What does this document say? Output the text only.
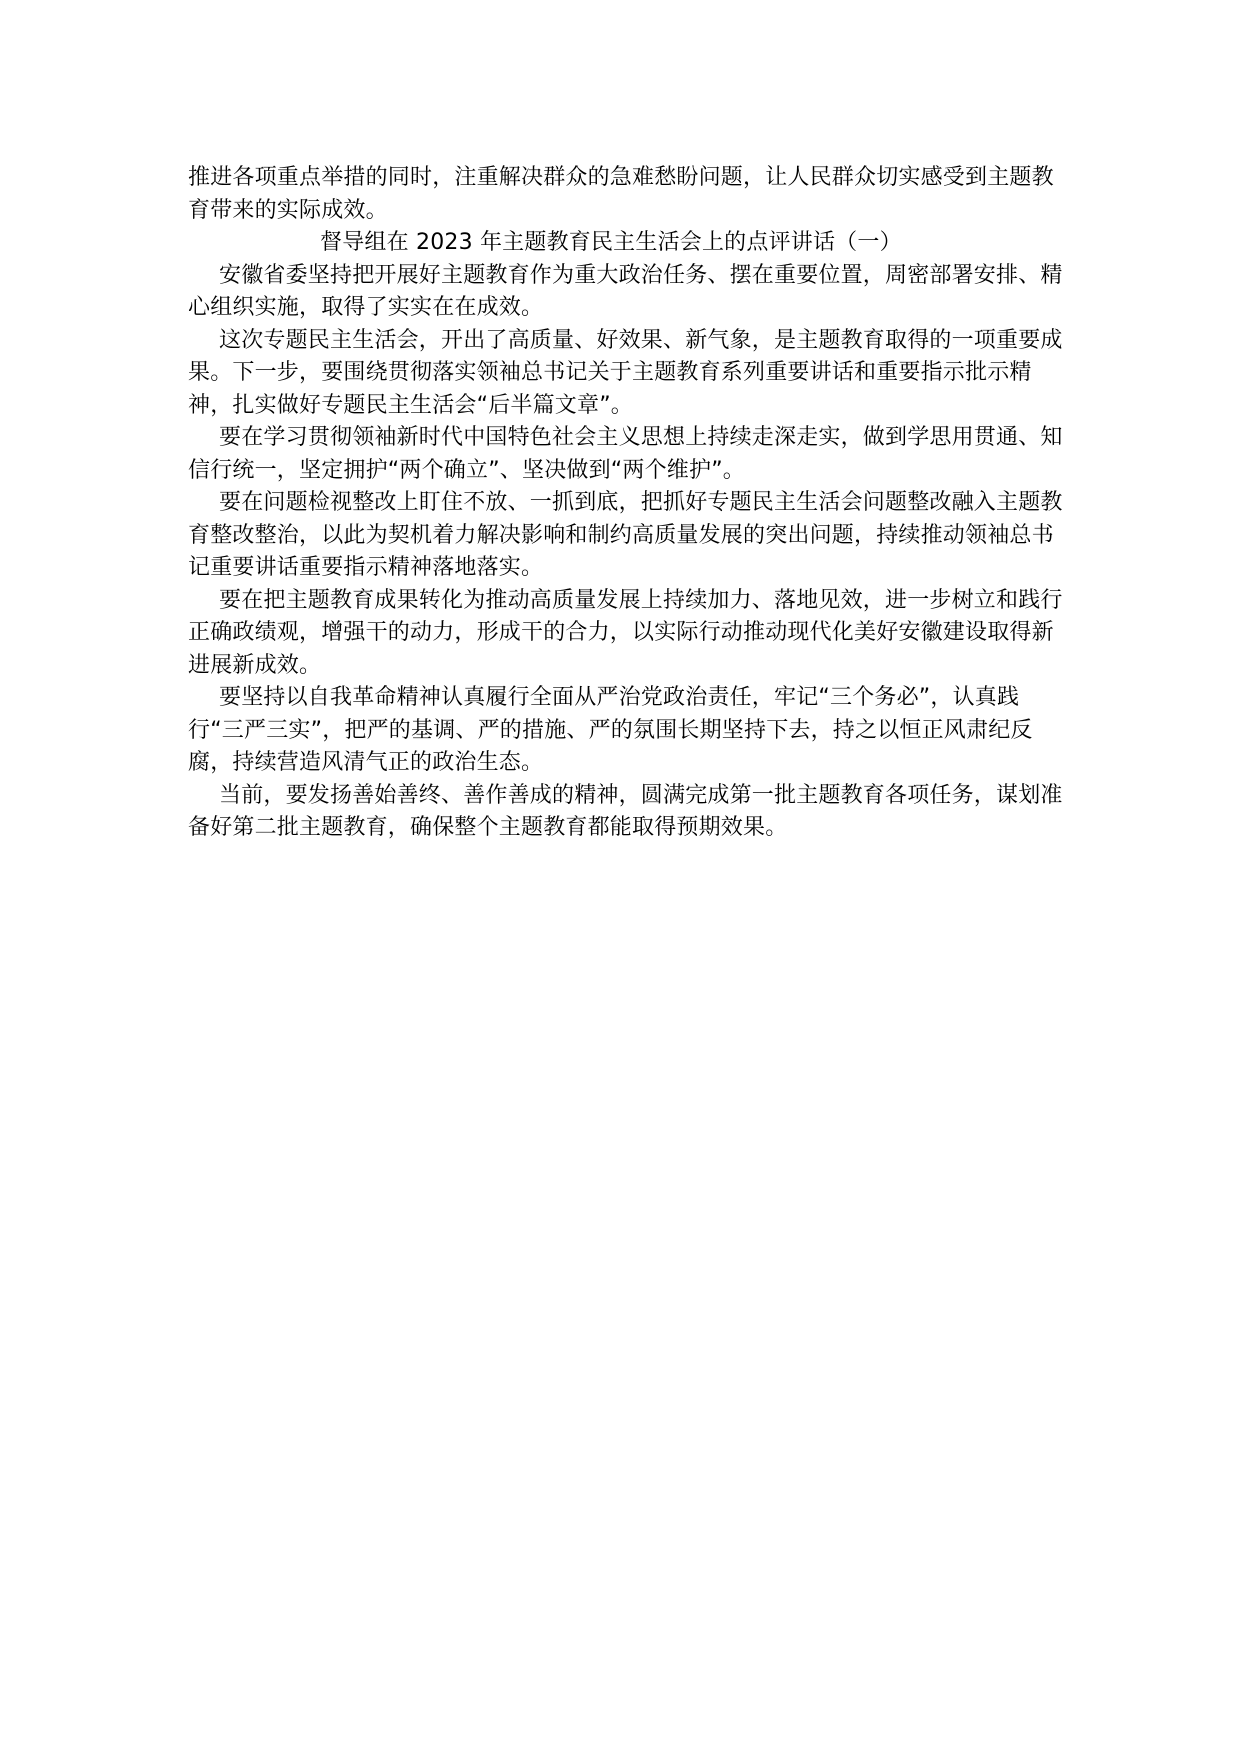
推进各项重点举措的同时，注重解决群众的急难愁盼问题，让人民群众切实感受到主题教育带来的实际成效。

督导组在 2023 年主题教育民主生活会上的点评讲话（一）

安徽省委坚持把开展好主题教育作为重大政治任务、摆在重要位置，周密部署安排、精心组织实施，取得了实实在在成效。

这次专题民主生活会，开出了高质量、好效果、新气象，是主题教育取得的一项重要成果。下一步，要围绕贯彻落实领袖总书记关于主题教育系列重要讲话和重要指示批示精神，扎实做好专题民主生活会“后半篇文章”。

要在学习贯彻领袖新时代中国特色社会主义思想上持续走深走实，做到学思用贯通、知信行统一，坚定拥护“两个确立”、坚决做到“两个维护”。

要在问题检视整改上盯住不放、一抓到底，把抓好专题民主生活会问题整改融入主题教育整改整治，以此为契机着力解决影响和制约高质量发展的突出问题，持续推动领袖总书记重要讲话重要指示精神落地落实。

要在把主题教育成果转化为推动高质量发展上持续加力、落地见效，进一步树立和践行正确政绩观，增强干的动力，形成干的合力，以实际行动推动现代化美好安徽建设取得新进展新成效。

要坚持以自我革命精神认真履行全面从严治党政治责任，牢记“三个务必”，认真践行“三严三实”，把严的基调、严的措施、严的氛围长期坚持下去，持之以恒正风肃纪反腐，持续营造风清气正的政治生态。

当前，要发扬善始善终、善作善成的精神，圆满完成第一批主题教育各项任务，谋划准备好第二批主题教育，确保整个主题教育都能取得预期效果。
